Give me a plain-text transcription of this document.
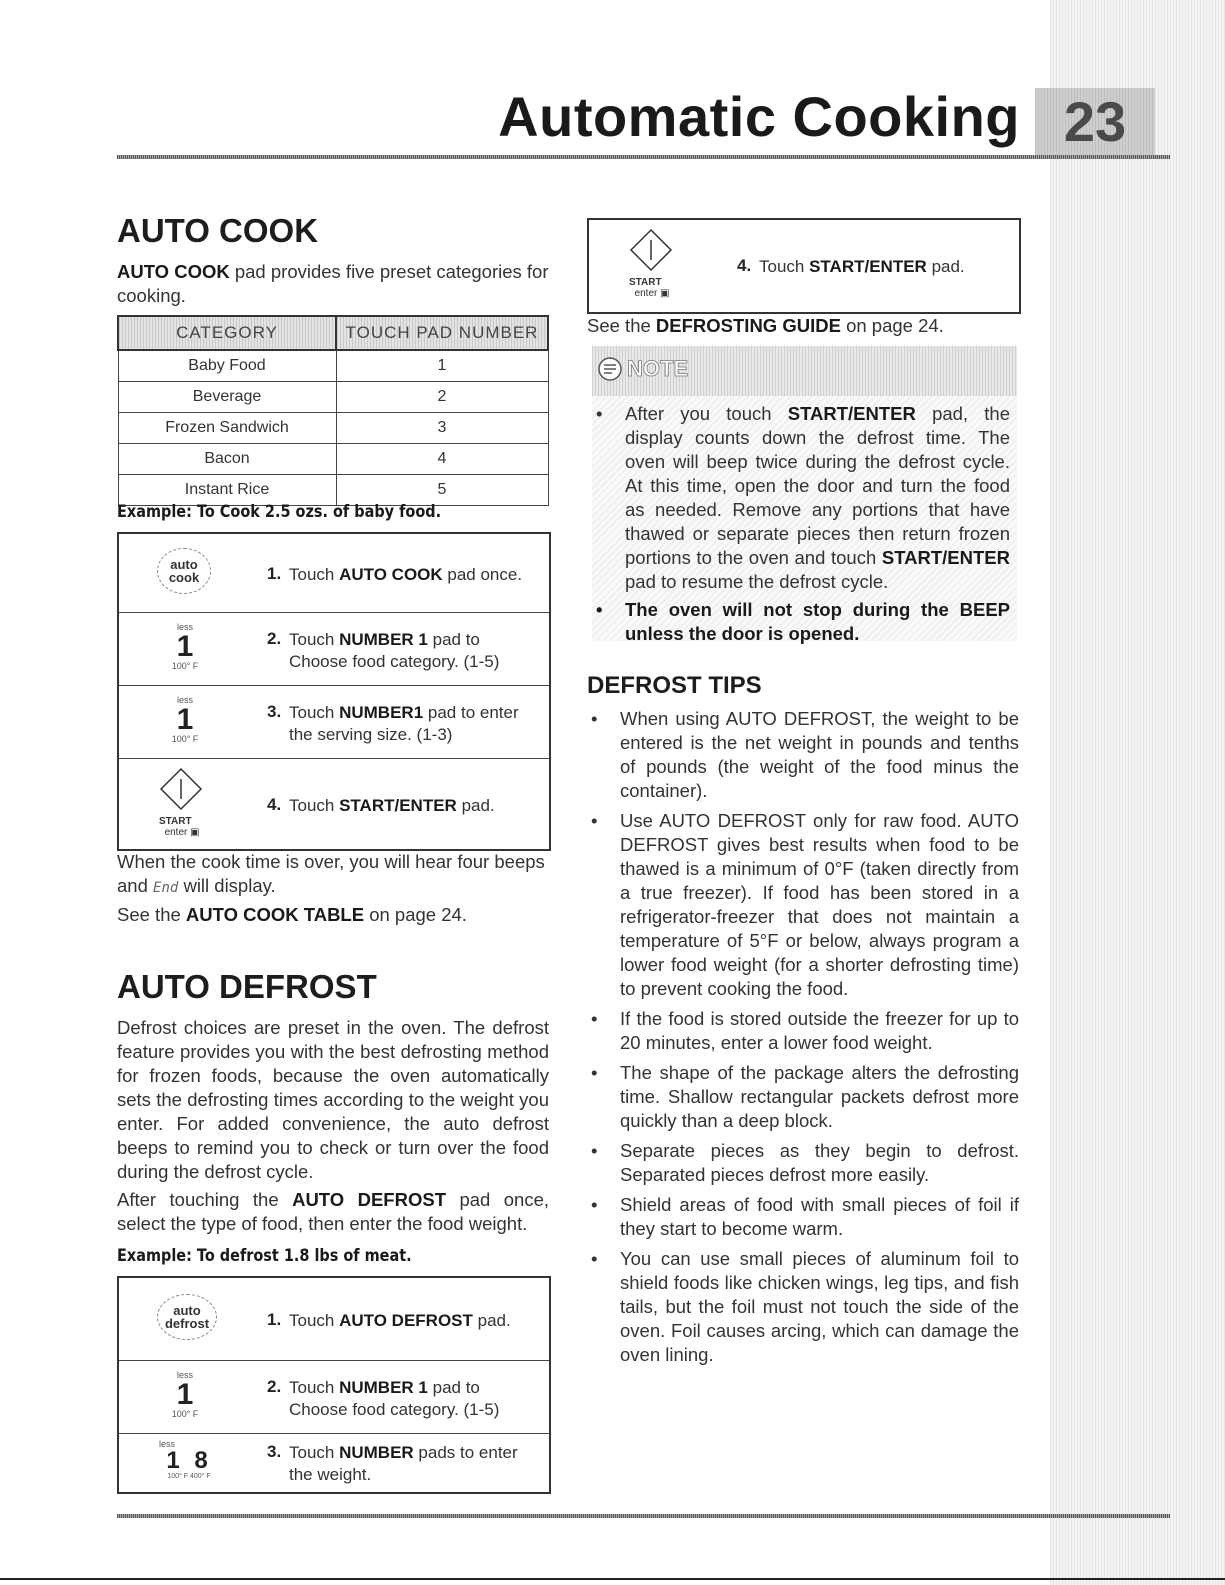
23
Automatic Cooking
AUTO COOK

AUTO COOK pad provides five preset categories for cooking.

CATEGORY	TOUCH PAD NUMBER
Baby Food	1
Beverage	2
Frozen Sandwich	3
Bacon	4
Instant Rice	5
Example: To Cook 2.5 ozs. of baby food.
auto
cook	1. Touch AUTO COOK pad once.
less
1
100° F
2. Touch NUMBER 1 pad to
Choose food category. (1-5)
less
1
100° F
3. Touch NUMBER1 pad to enter
the serving size. (1-3)
START
enter ▣
4. Touch START/ENTER pad.

When the cook time is over, you will hear four beeps
and End will display.

See the AUTO COOK TABLE on page 24.

AUTO DEFROST

Defrost choices are preset in the oven. The defrost feature provides you with the best defrosting method for frozen foods, because the oven automatically sets the defrosting times according to the weight you enter. For added convenience, the auto defrost beeps to remind you to check or turn over the food during the defrost cycle.

After touching the AUTO DEFROST pad once, select the type of food, then enter the food weight.

Example: To defrost 1.8 lbs of meat.
auto
defrost	1. Touch AUTO DEFROST pad.
less
1
100° F
2. Touch NUMBER 1 pad to
Choose food category. (1-5)
less
1 8
100° F 400° F
3. Touch NUMBER pads to enter
the weight.
START
enter ▣
4. Touch START/ENTER pad.

See the DEFROSTING GUIDE on page 24.

NOTE
• After you touch START/ENTER pad, the display counts down the defrost time. The oven will beep twice during the defrost cycle. At this time, open the door and turn the food as needed. Remove any portions that have thawed or separate pieces then return frozen portions to the oven and touch START/ENTER pad to resume the defrost cycle.
• The oven will not stop during the BEEP unless the door is opened.
DEFROST TIPS
• When using AUTO DEFROST, the weight to be entered is the net weight in pounds and tenths of pounds (the weight of the food minus the container).
• Use AUTO DEFROST only for raw food. AUTO DEFROST gives best results when food to be thawed is a minimum of 0°F (taken directly from a true freezer). If food has been stored in a refrigerator-freezer that does not maintain a temperature of 5°F or below, always program a lower food weight (for a shorter defrosting time) to prevent cooking the food.
• If the food is stored outside the freezer for up to 20 minutes, enter a lower food weight.
• The shape of the package alters the defrosting time. Shallow rectangular packets defrost more quickly than a deep block.
• Separate pieces as they begin to defrost. Separated pieces defrost more easily.
• Shield areas of food with small pieces of foil if they start to become warm.
• You can use small pieces of aluminum foil to shield foods like chicken wings, leg tips, and fish tails, but the foil must not touch the side of the oven. Foil causes arcing, which can damage the oven lining.
